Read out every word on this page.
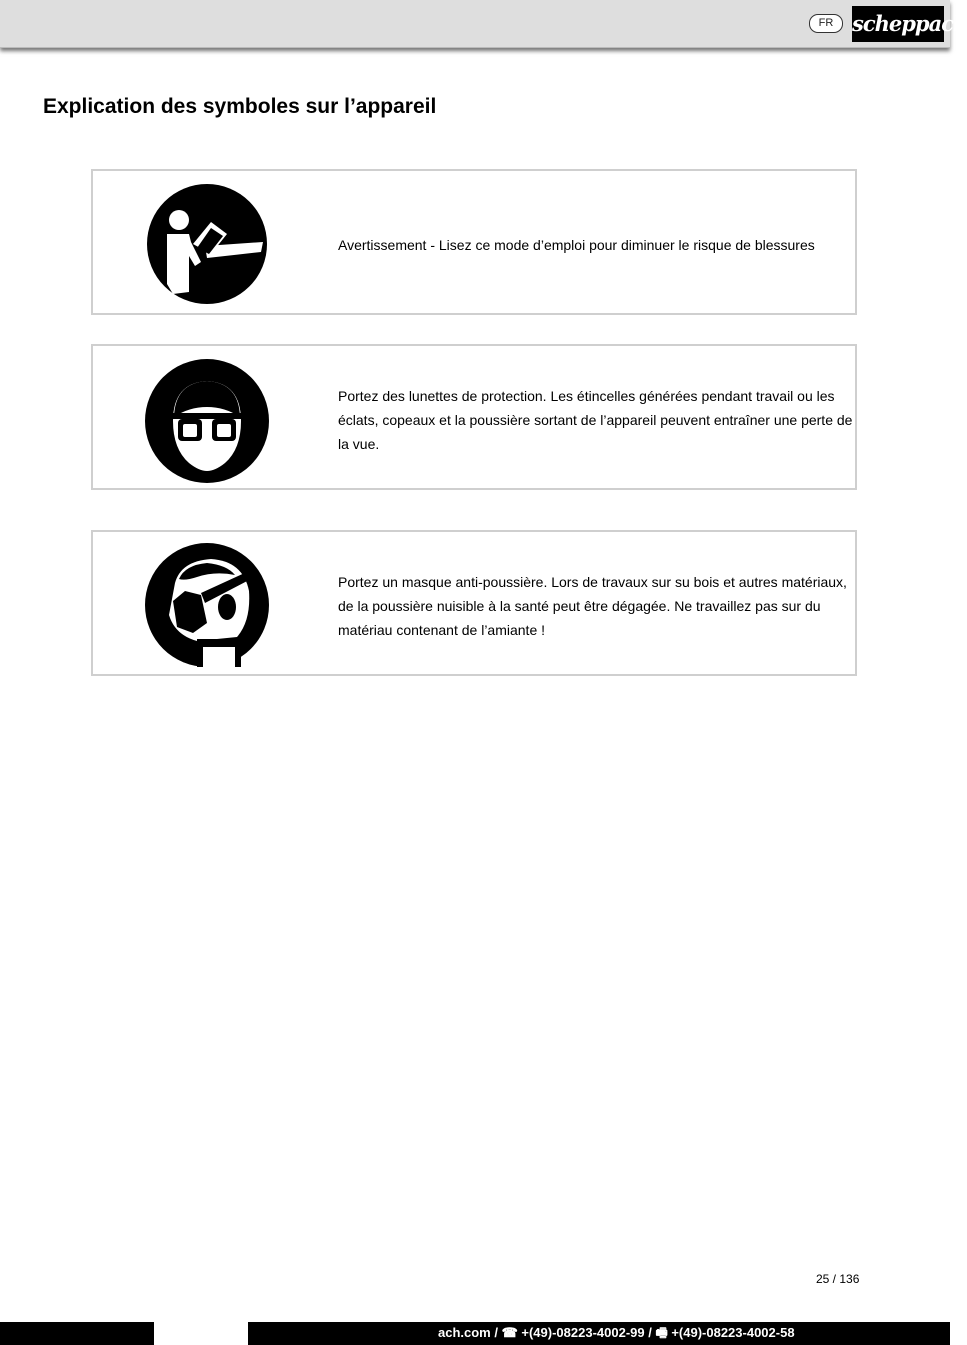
FR scheppach
Explication des symboles sur l’appareil
Avertissement - Lisez ce mode d’emploi pour diminuer le risque de blessures
Portez des lunettes de protection. Les étincelles générées pendant travail ou les éclats, copeaux et la poussière sortant de l’appareil peuvent entraîner une perte de la vue.
Portez un masque anti-poussière. Lors de travaux sur su bois et autres matériaux, de la poussière nuisible à la santé peut être dégagée. Ne travaillez pas sur du matériau contenant de l’amiante !
25 / 136
ach.com / ☎ +(49)-08223-4002-99 / 🖷 +(49)-08223-4002-58
